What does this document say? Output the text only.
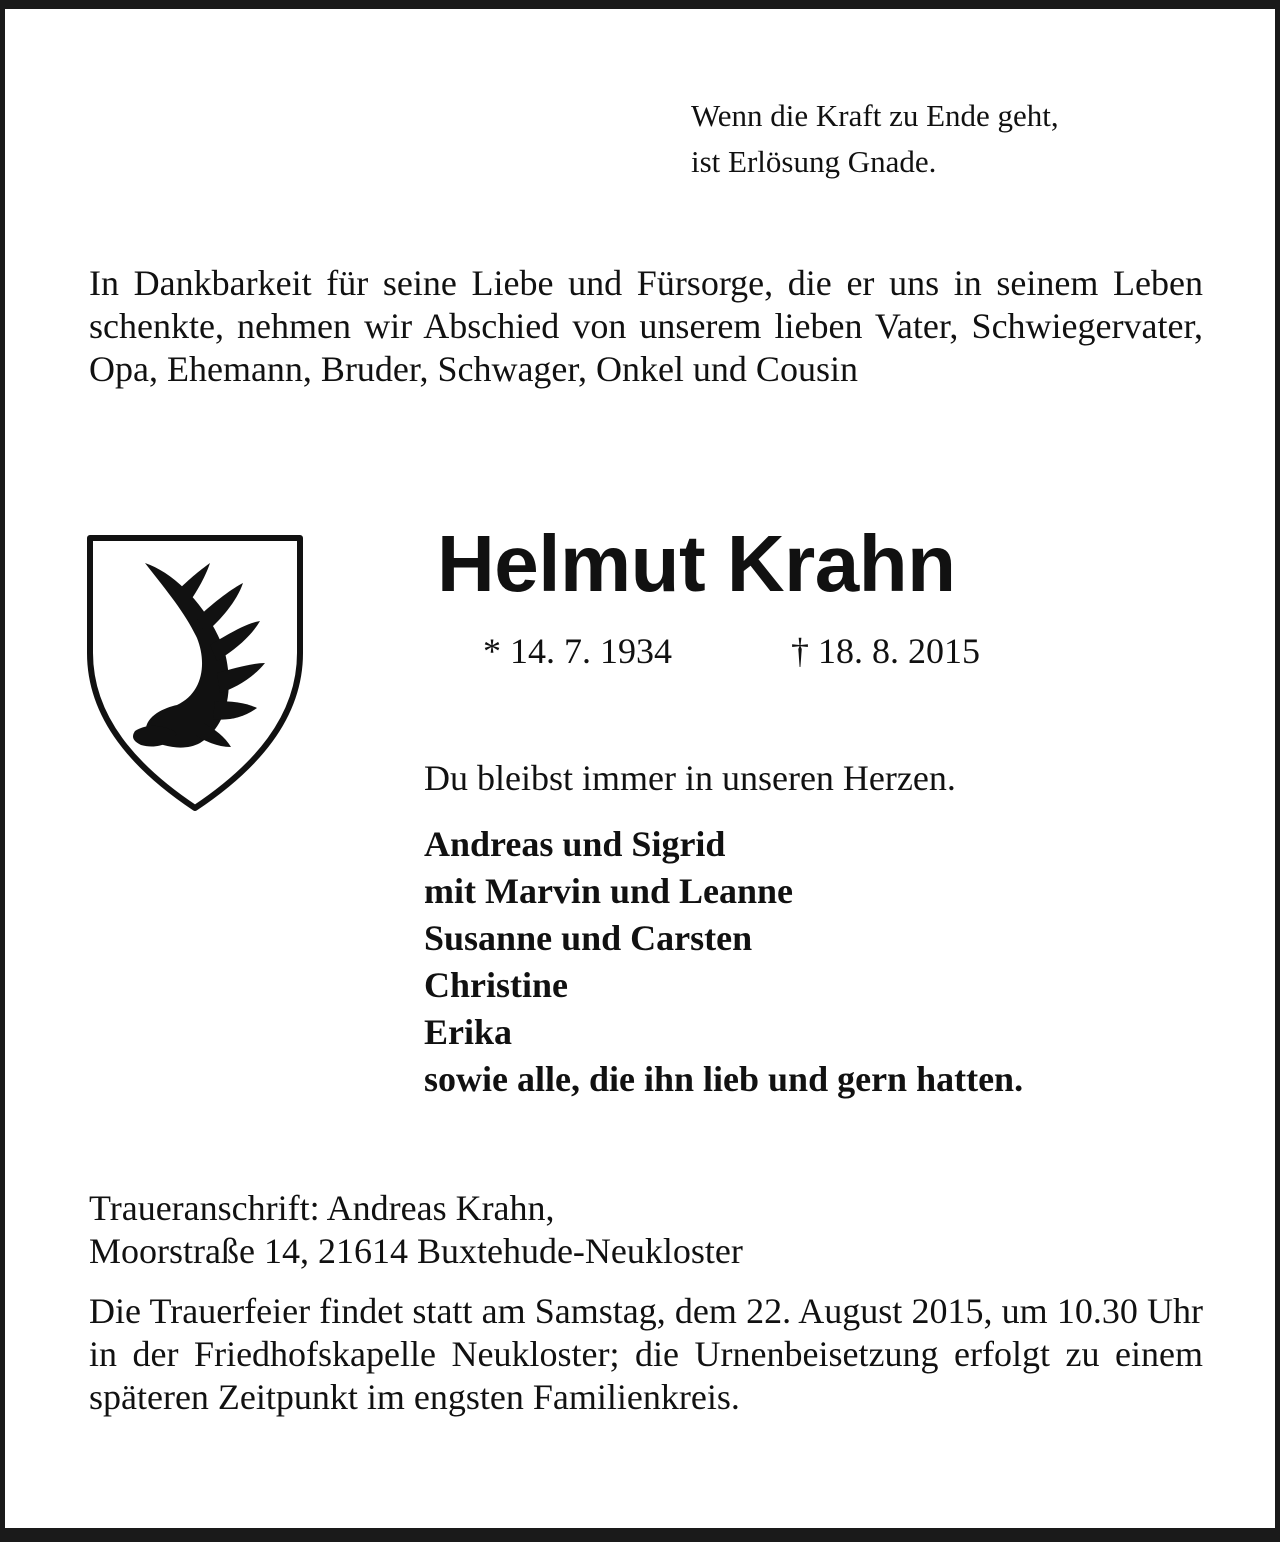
Wenn die Kraft zu Ende geht,
ist Erlösung Gnade.
In Dankbarkeit für seine Liebe und Fürsorge, die er uns in seinem Leben schenkte, nehmen wir Abschied von unserem lieben Vater, Schwiegervater, Opa, Ehemann, Bruder, Schwager, Onkel und Cousin
Helmut Krahn
* 14. 7. 1934	† 18. 8. 2015
Du bleibst immer in unseren Herzen.
Andreas und Sigrid
mit Marvin und Leanne
Susanne und Carsten
Christine
Erika
sowie alle, die ihn lieb und gern hatten.
Traueranschrift: Andreas Krahn,
Moorstraße 14, 21614 Buxtehude-Neukloster
Die Trauerfeier findet statt am Samstag, dem 22. August 2015, um 10.30 Uhr in der Friedhofskapelle Neukloster; die Urnenbeisetzung erfolgt zu einem späteren Zeitpunkt im engsten Familienkreis.
